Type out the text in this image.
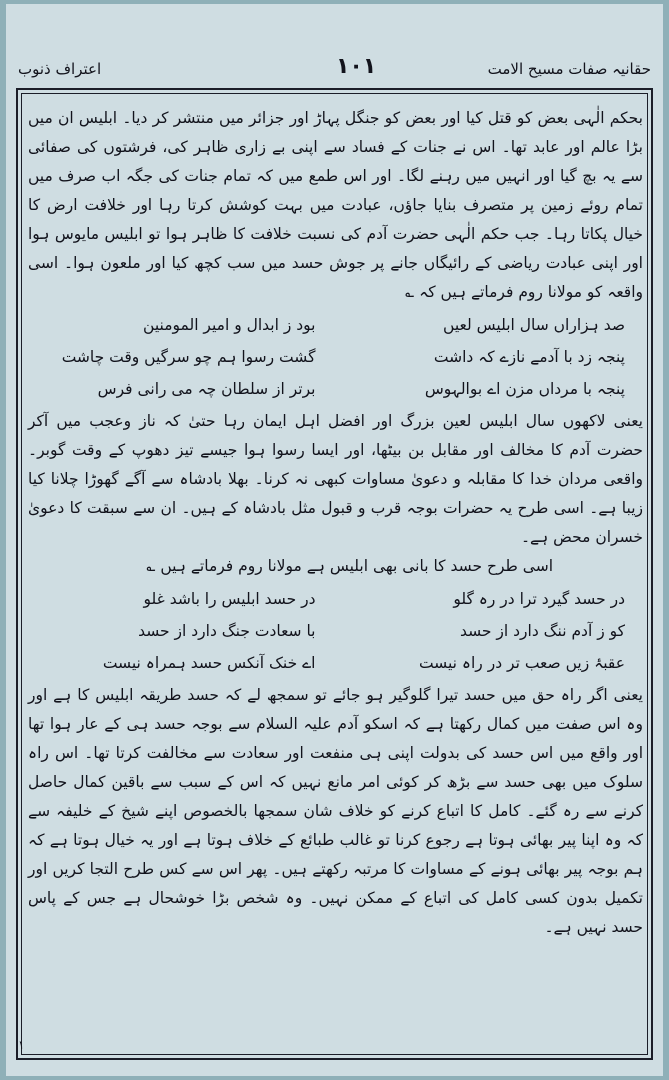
اعتراف ذنوب	۱۰۱	حقانیہ صفات مسیح الامت

بحکم الٰہی بعض کو قتل کیا اور بعض کو جنگل پہاڑ اور جزائر میں منتشر کر دیا۔ ابلیس ان میں بڑا عالم اور عابد تھا۔ اس نے جنات کے فساد سے اپنی بے زاری ظاہر کی، فرشتوں کی صفائی سے یہ بچ گیا اور انہیں میں رہنے لگا۔ اور اس طمع میں کہ تمام جنات کی جگہ اب صرف میں تمام روئے زمین پر متصرف بنایا جاؤں، عبادت میں بہت کوشش کرتا رہا اور خلافت ارض کا خیال پکاتا رہا۔ جب حکم الٰہی حضرت آدم کی نسبت خلافت کا ظاہر ہوا تو ابلیس مایوس ہوا اور اپنی عبادت ریاضی کے رائیگاں جانے پر جوش حسد میں سب کچھ کیا اور ملعون ہوا۔ اسی واقعہ کو مولانا روم فرماتے ہیں کہ ؎

صد ہزاراں سال ابلیس لعیں
بود ز ابدال و امیر المومنین
پنجہ زد با آدمے نازے کہ داشت
گشت رسوا ہم چو سرگیں وقت چاشت
پنجہ با مرداں مزن اے بوالہوس
برتر از سلطان چہ می رانی فرس

یعنی لاکھوں سال ابلیس لعین بزرگ اور افضل اہل ایمان رہا حتیٰ کہ ناز وعجب میں آکر حضرت آدم کا مخالف اور مقابل بن بیٹھا، اور ایسا رسوا ہوا جیسے تیز دھوپ کے وقت گوبر۔ واقعی مردان خدا کا مقابلہ و دعویٰ مساوات کبھی نہ کرنا۔ بھلا بادشاہ سے آگے گھوڑا چلانا کیا زیبا ہے۔ اسی طرح یہ حضرات بوجہ قرب و قبول مثل بادشاہ کے ہیں۔ ان سے سبقت کا دعویٰ خسران محض ہے۔

اسی طرح حسد کا بانی بھی ابلیس ہے مولانا روم فرماتے ہیں ؎

در حسد گیرد ترا در رہ گلو
در حسد ابلیس را باشد غلو
کو ز آدم ننگ دارد از حسد
با سعادت جنگ دارد از حسد
عقبۂ زیں صعب تر در راہ نیست
اے خنک آنکس حسد ہمراہ نیست

یعنی اگر راہ حق میں حسد تیرا گلوگیر ہو جائے تو سمجھ لے کہ حسد طریقہ ابلیس کا ہے اور وہ اس صفت میں کمال رکھتا ہے کہ اسکو آدم علیہ السلام سے بوجہ حسد ہی کے عار ہوا تھا اور واقع میں اس حسد کی بدولت اپنی ہی منفعت اور سعادت سے مخالفت کرتا تھا۔ اس راہ سلوک میں بھی حسد سے بڑھ کر کوئی امر مانع نہیں کہ اس کے سبب سے باقین کمال حاصل کرنے سے رہ گئے۔ کامل کا اتباع کرنے کو خلاف شان سمجھا بالخصوص اپنے شیخ کے خلیفہ سے کہ وہ اپنا پیر بھائی ہوتا ہے رجوع کرنا تو غالب طبائع کے خلاف ہوتا ہے اور یہ خیال ہوتا ہے کہ ہم بوجہ پیر بھائی ہونے کے مساوات کا مرتبہ رکھتے ہیں۔ پھر اس سے کس طرح التجا کریں اور تکمیل بدون کسی کامل کی اتباع کے ممکن نہیں۔ وہ شخص بڑا خوشحال ہے جس کے پاس حسد نہیں ہے۔

۱
